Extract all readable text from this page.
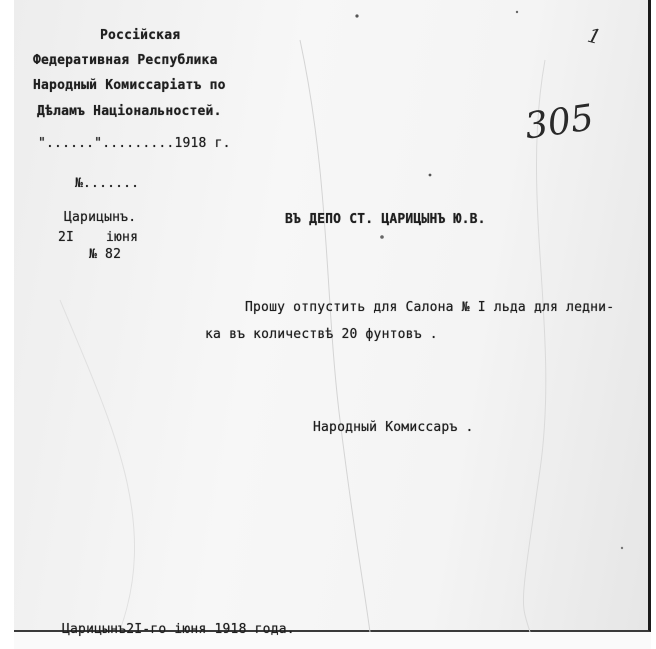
Россiйская
Федеративная Республика
Народный Комиссарiатъ по
Дѣламъ Нацiональностей.
"......".........1918 г.
№.......
Царицынъ.
2I iюня
№ 82
305
1
ВЪ ДЕПО СТ. ЦАРИЦЫНЪ Ю.В.
Прошу отпустить для Салона № I льда для ледни-
ка въ количествѣ 20 фунтовъ .
Народный Комиссаръ .
Царицынъ2I-го iюня 1918 года.
